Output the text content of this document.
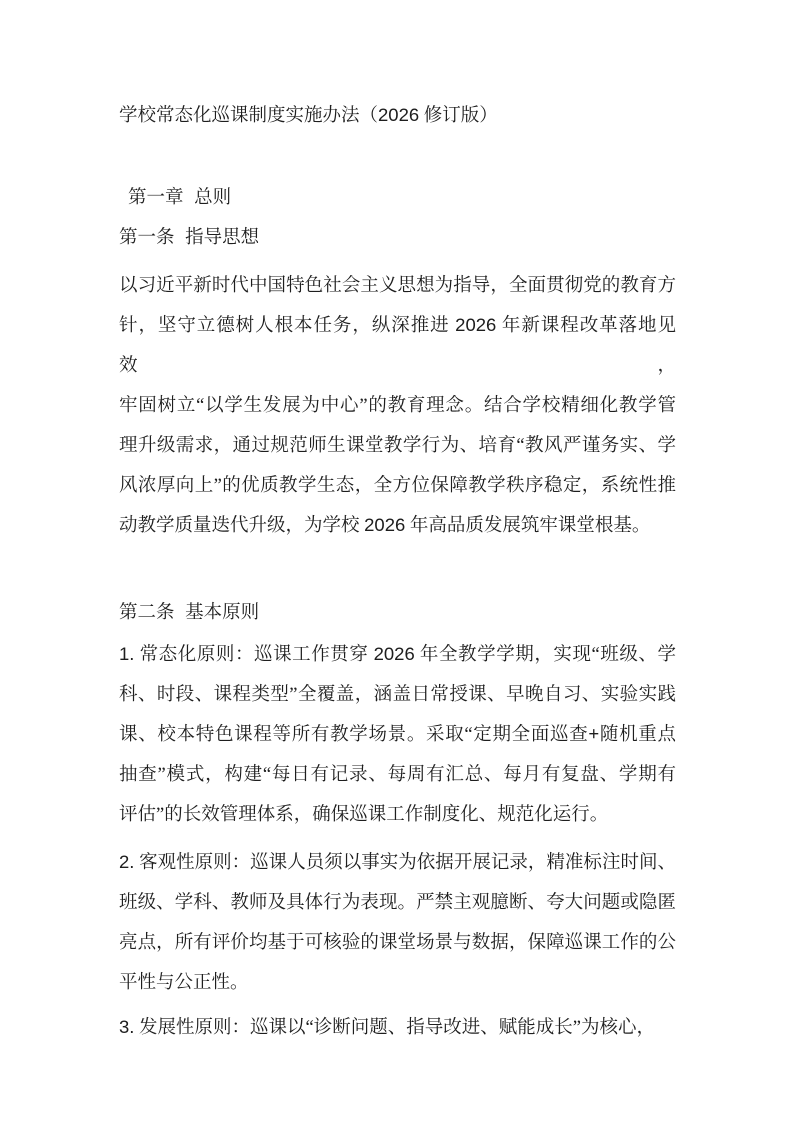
学校常态化巡课制度实施办法（2026 修订版）
第一章 总则
第一条 指导思想
以习近平新时代中国特色社会主义思想为指导，全面贯彻党的教育方
针，坚守立德树人根本任务，纵深推进 2026 年新课程改革落地见效，
牢固树立“以学生发展为中心”的教育理念。结合学校精细化教学管
理升级需求，通过规范师生课堂教学行为、培育“教风严谨务实、学
风浓厚向上”的优质教学生态，全方位保障教学秩序稳定，系统性推
动教学质量迭代升级，为学校 2026 年高品质发展筑牢课堂根基。
第二条 基本原则
1. 常态化原则：巡课工作贯穿 2026 年全教学学期，实现“班级、学
科、时段、课程类型”全覆盖，涵盖日常授课、早晚自习、实验实践
课、校本特色课程等所有教学场景。采取“定期全面巡查+随机重点
抽查”模式，构建“每日有记录、每周有汇总、每月有复盘、学期有
评估”的长效管理体系，确保巡课工作制度化、规范化运行。
2. 客观性原则：巡课人员须以事实为依据开展记录，精准标注时间、
班级、学科、教师及具体行为表现。严禁主观臆断、夸大问题或隐匿
亮点，所有评价均基于可核验的课堂场景与数据，保障巡课工作的公
平性与公正性。
3. 发展性原则：巡课以“诊断问题、指导改进、赋能成长”为核心，
